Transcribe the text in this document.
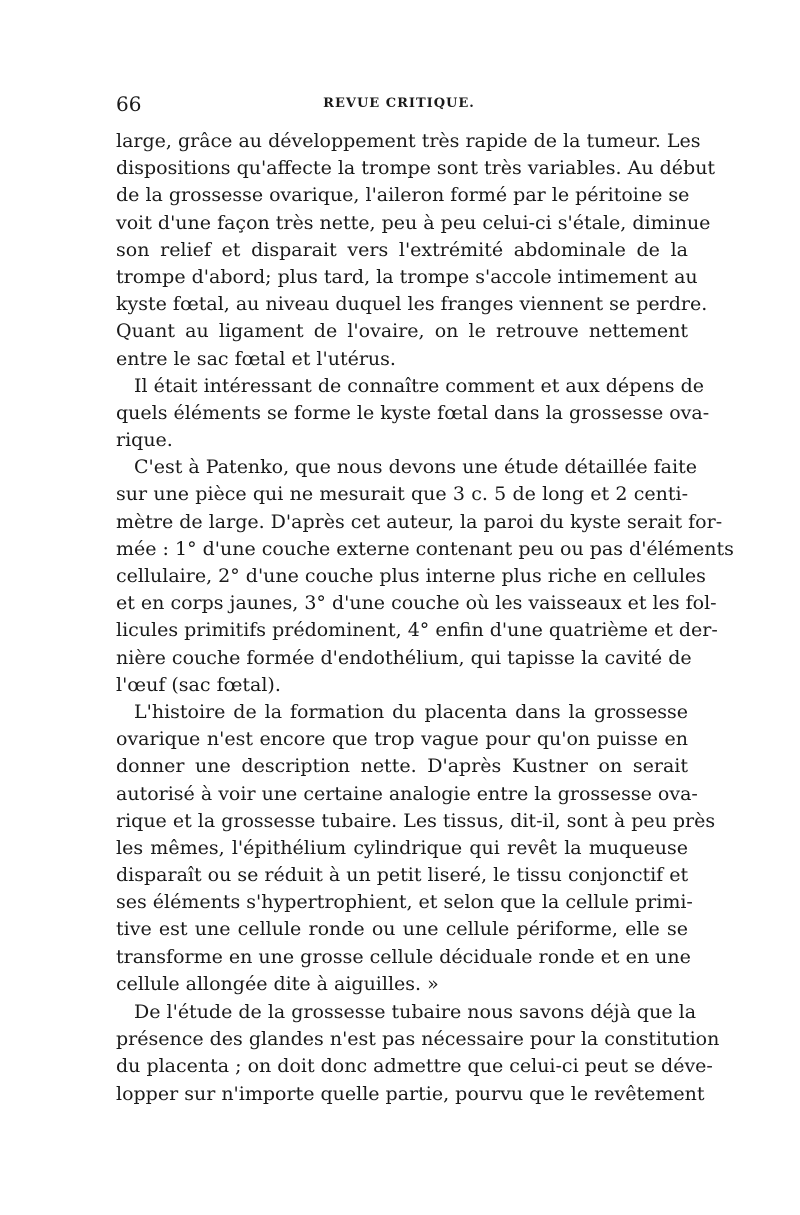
66	REVUE CRITIQUE.
large, grâce au développement très rapide de la tumeur. Les
dispositions qu'affecte la trompe sont très variables. Au début
de la grossesse ovarique, l'aileron formé par le péritoine se
voit d'une façon très nette, peu à peu celui-ci s'étale, diminue
son relief et disparait vers l'extrémité abdominale de la
trompe d'abord; plus tard, la trompe s'accole intimement au
kyste fœtal, au niveau duquel les franges viennent se perdre.
Quant au ligament de l'ovaire, on le retrouve nettement
entre le sac fœtal et l'utérus.
Il était intéressant de connaître comment et aux dépens de
quels éléments se forme le kyste fœtal dans la grossesse ova-
rique.
C'est à Patenko, que nous devons une étude détaillée faite
sur une pièce qui ne mesurait que 3 c. 5 de long et 2 centi-
mètre de large. D'après cet auteur, la paroi du kyste serait for-
mée : 1° d'une couche externe contenant peu ou pas d'éléments
cellulaire, 2° d'une couche plus interne plus riche en cellules
et en corps jaunes, 3° d'une couche où les vaisseaux et les fol-
licules primitifs prédominent, 4° enfin d'une quatrième et der-
nière couche formée d'endothélium, qui tapisse la cavité de
l'œuf (sac fœtal).
L'histoire de la formation du placenta dans la grossesse
ovarique n'est encore que trop vague pour qu'on puisse en
donner une description nette. D'après Kustner on serait
autorisé à voir une certaine analogie entre la grossesse ova-
rique et la grossesse tubaire. Les tissus, dit-il, sont à peu près
les mêmes, l'épithélium cylindrique qui revêt la muqueuse
disparaît ou se réduit à un petit liseré, le tissu conjonctif et
ses éléments s'hypertrophient, et selon que la cellule primi-
tive est une cellule ronde ou une cellule périforme, elle se
transforme en une grosse cellule déciduale ronde et en une
cellule allongée dite à aiguilles. »
De l'étude de la grossesse tubaire nous savons déjà que la
présence des glandes n'est pas nécessaire pour la constitution
du placenta ; on doit donc admettre que celui-ci peut se déve-
lopper sur n'importe quelle partie, pourvu que le revêtement
